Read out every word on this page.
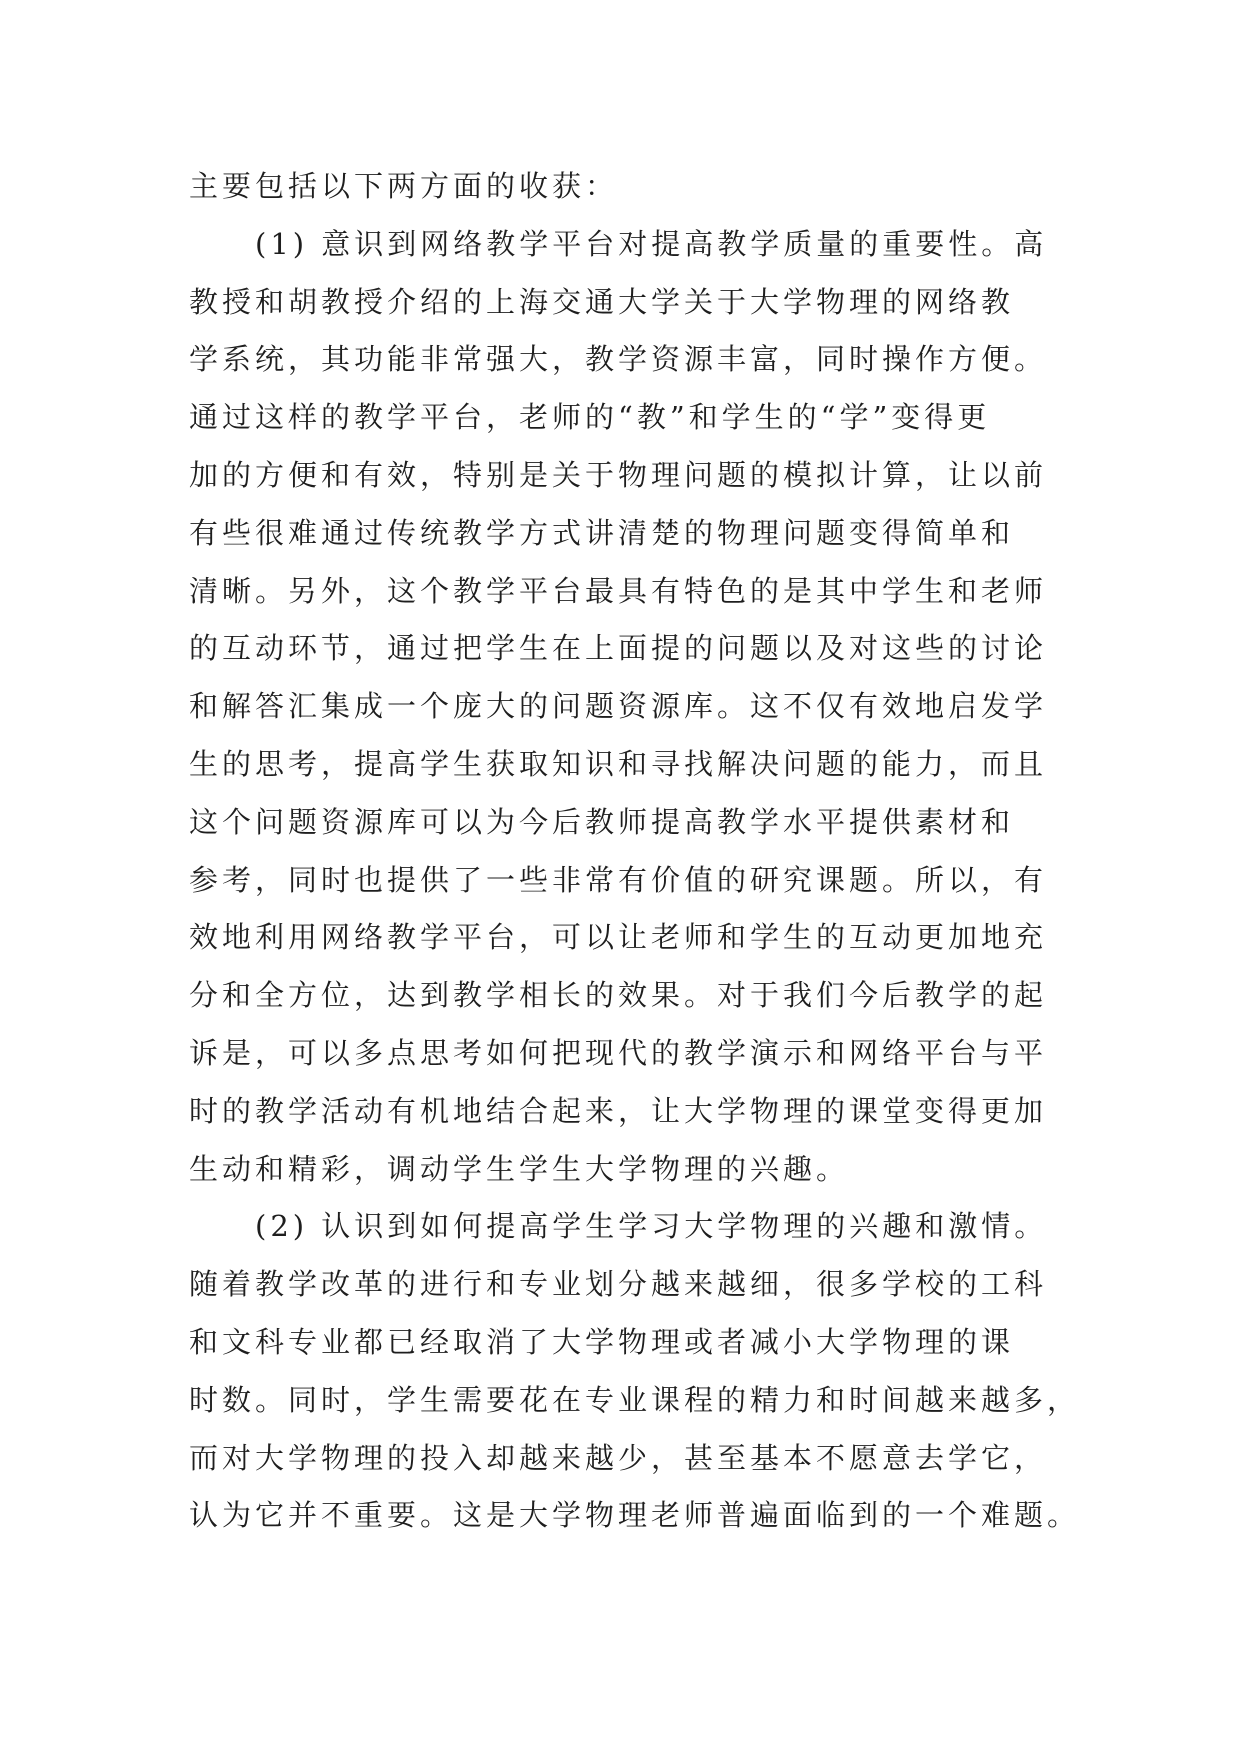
主要包括以下两方面的收获：
(1) 意识到网络教学平台对提高教学质量的重要性。高
教授和胡教授介绍的上海交通大学关于大学物理的网络教
学系统，其功能非常强大，教学资源丰富，同时操作方便。
通过这样的教学平台，老师的“教”和学生的“学”变得更
加的方便和有效，特别是关于物理问题的模拟计算，让以前
有些很难通过传统教学方式讲清楚的物理问题变得简单和
清晰。另外，这个教学平台最具有特色的是其中学生和老师
的互动环节，通过把学生在上面提的问题以及对这些的讨论
和解答汇集成一个庞大的问题资源库。这不仅有效地启发学
生的思考，提高学生获取知识和寻找解决问题的能力，而且
这个问题资源库可以为今后教师提高教学水平提供素材和
参考，同时也提供了一些非常有价值的研究课题。所以，有
效地利用网络教学平台，可以让老师和学生的互动更加地充
分和全方位，达到教学相长的效果。对于我们今后教学的起
诉是，可以多点思考如何把现代的教学演示和网络平台与平
时的教学活动有机地结合起来，让大学物理的课堂变得更加
生动和精彩，调动学生学生大学物理的兴趣。
(2) 认识到如何提高学生学习大学物理的兴趣和激情。
随着教学改革的进行和专业划分越来越细，很多学校的工科
和文科专业都已经取消了大学物理或者减小大学物理的课
时数。同时，学生需要花在专业课程的精力和时间越来越多，
而对大学物理的投入却越来越少，甚至基本不愿意去学它，
认为它并不重要。这是大学物理老师普遍面临到的一个难题。
